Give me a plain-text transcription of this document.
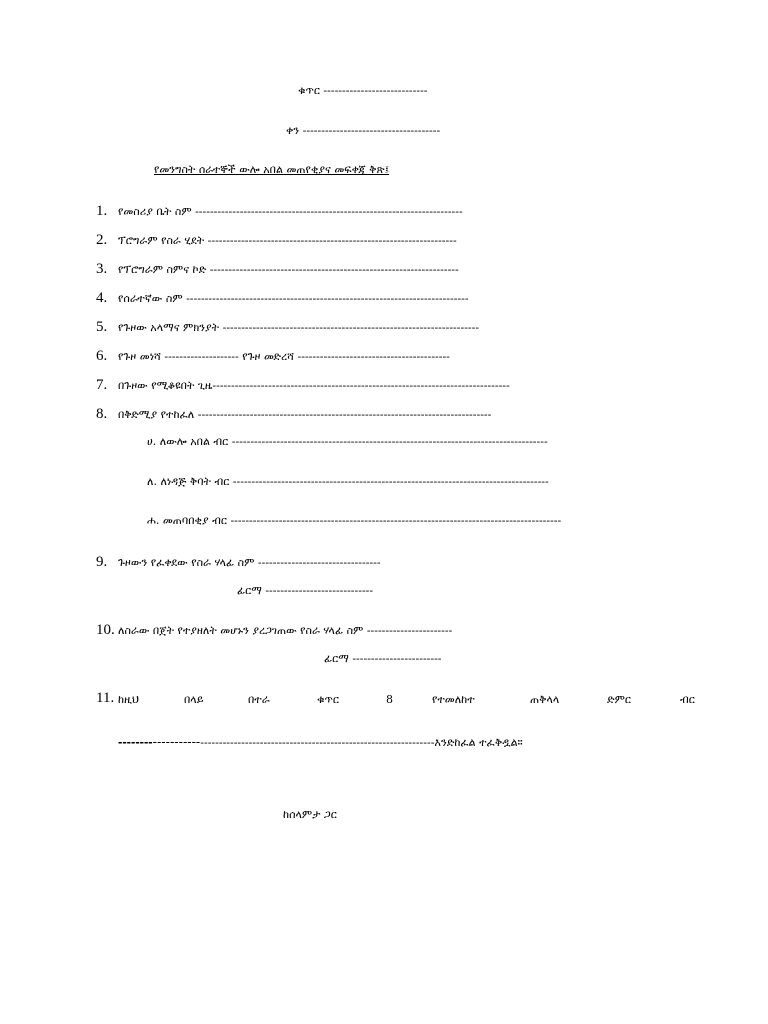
ቁጥር ----------------------------
ቀን -------------------------------------
የመንግስት ሰራተኞች ውሎ አበል መጠየቂያና መፍቀጃ ቅጽ፤
1. የመስሪያ ቤት ስም ------------------------------------------------------------------------
2. ፕሮግራም የስራ ሂደት -------------------------------------------------------------------
3. የፕሮግራም ስምና ኮድ -------------------------------------------------------------------
4. የሰራተኛው ስም ----------------------------------------------------------------------------
5. የጉዞው አላማና ምክንያት ---------------------------------------------------------------------
6. የጉዞ መነሻ -------------------- የጉዞ መድረሻ -----------------------------------------
7. በጉዞው የሚቆዩበት ጊዜ--------------------------------------------------------------------------------
8. በቅድሚያ የተከፈለ -------------------------------------------------------------------------------
ሀ. ለውሎ አበል ብር -------------------------------------------------------------------------------------
ለ. ለነዳጅ ቅባት ብር -------------------------------------------------------------------------------------
ሐ. መጠባበቂያ ብር -----------------------------------------------------------------------------------------
9. ጉዞውን የፈቀደው የስራ ሃላፊ ስም ---------------------------------
ፊርማ -----------------------------
10. ለስራው በጀት የተያዘለት መሆኑን ያረጋገጠው የስራ ሃላፊ ስም -----------------------
ፊርማ ------------------------
11. ከዚህ	በላይ	በተራ	ቁጥር	8	የተመለከተ	ጠቅላላ	ድምር	ብር
----------------------------------------------------------------------------------እንድከፈል ተፈቅዷል።
ከሰላምታ ጋር
